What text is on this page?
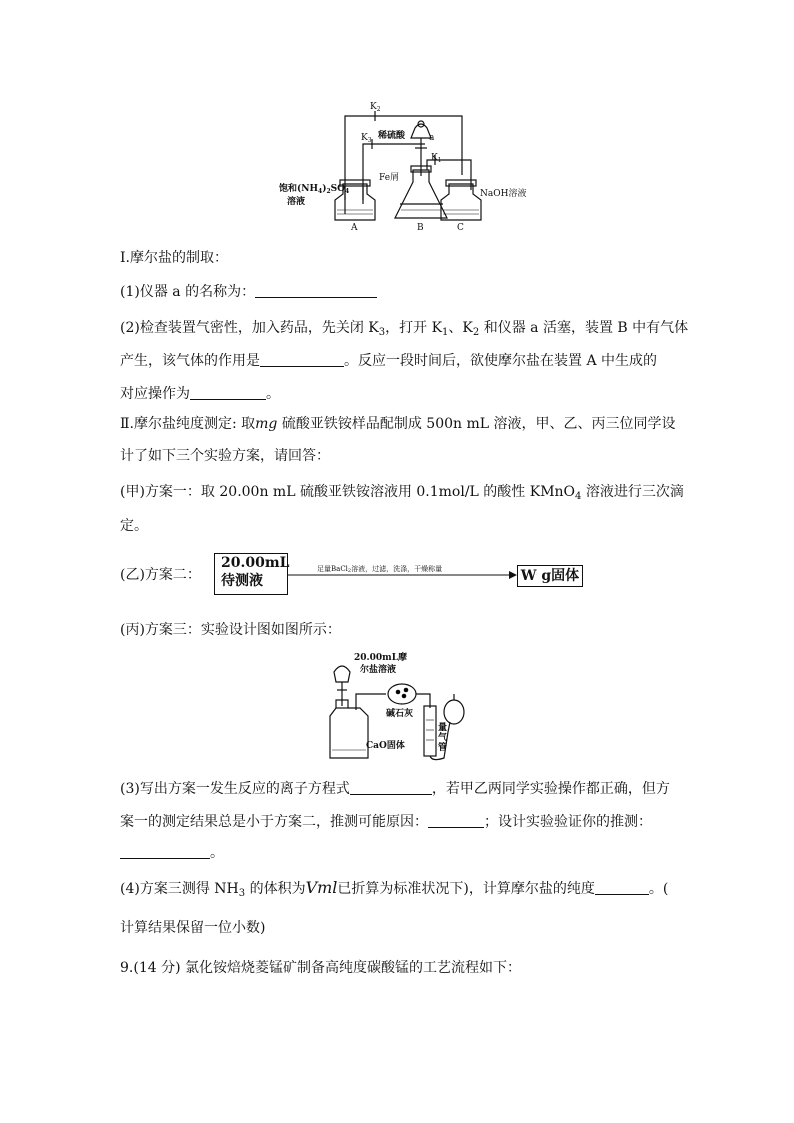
$K_2$
$K_3$ 稀硫酸	a
$K_1$
Fe屑
饱和$(NH_4)_2SO_4$
溶液
NaOH溶液
A	B	C
Ⅰ.摩尔盐的制取：
(1)仪器 a 的名称为：
(2)检查装置气密性，加入药品，先关闭 $K_3$，打开 $K_1$、$K_2$ 和仪器 a 活塞，装置 B 中有气体
产生，该气体的作用是	。反应一段时间后，欲使摩尔盐在装置 A 中生成的
对应操作为	。
Ⅱ.摩尔盐纯度测定: 取mg 硫酸亚铁铵样品配制成 500n mL 溶液，甲、乙、丙三位同学设
计了如下三个实验方案，请回答：
(甲)方案一：取 20.00n mL 硫酸亚铁铵溶液用 0.1mol/L 的酸性 KMnO$_4$ 溶液进行三次滴
定。
(乙)方案二：
20.00mL
待测液
足量BaCl2溶液，过滤，洗涤，干燥称量	W g固体
(丙)方案三：实验设计图如图所示：
20.00mL摩
尔盐溶液
碱石灰
CaO固体
量
气
管
(3)写出方案一发生反应的离子方程式	，若甲乙两同学实验操作都正确，但方
案一的测定结果总是小于方案二，推测可能原因：	；设计实验验证你的推测：
。
(4)方案三测得 $NH_3$ 的体积为Vml已折算为标准状况下)，计算摩尔盐的纯度	。(
计算结果保留一位小数)
9.(14 分) 氯化铵焙烧菱锰矿制备高纯度碳酸锰的工艺流程如下：
